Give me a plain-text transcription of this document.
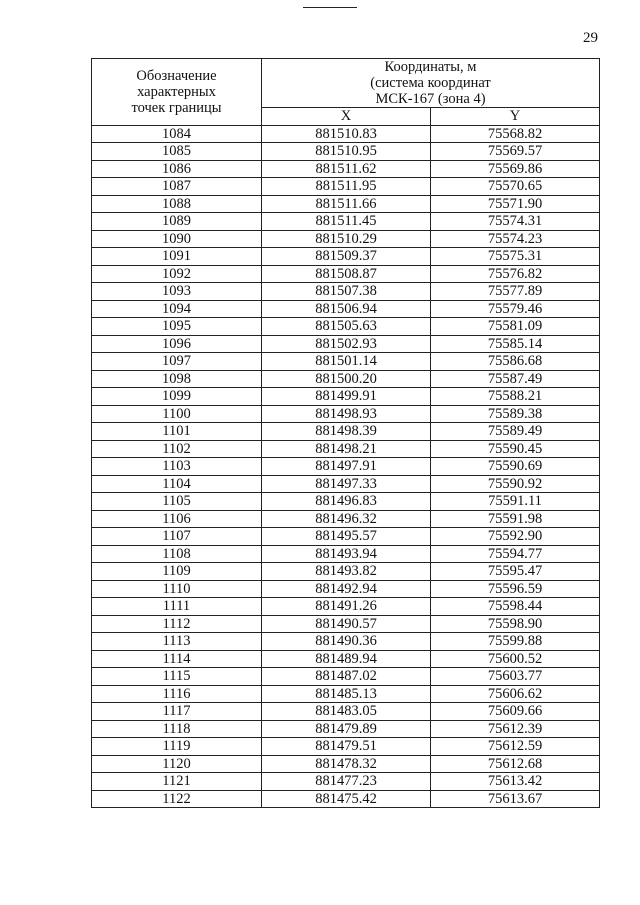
29
Обозначение
характерных
точек границы	Координаты, м
(система координат
МСК-167 (зона 4)	

	X	Y
1084	881510.83	75568.82
1085	881510.95	75569.57
1086	881511.62	75569.86
1087	881511.95	75570.65
1088	881511.66	75571.90
1089	881511.45	75574.31
1090	881510.29	75574.23
1091	881509.37	75575.31
1092	881508.87	75576.82
1093	881507.38	75577.89
1094	881506.94	75579.46
1095	881505.63	75581.09
1096	881502.93	75585.14
1097	881501.14	75586.68
1098	881500.20	75587.49
1099	881499.91	75588.21
1100	881498.93	75589.38
1101	881498.39	75589.49
1102	881498.21	75590.45
1103	881497.91	75590.69
1104	881497.33	75590.92
1105	881496.83	75591.11
1106	881496.32	75591.98
1107	881495.57	75592.90
1108	881493.94	75594.77
1109	881493.82	75595.47
1110	881492.94	75596.59
1111	881491.26	75598.44
1112	881490.57	75598.90
1113	881490.36	75599.88
1114	881489.94	75600.52
1115	881487.02	75603.77
1116	881485.13	75606.62
1117	881483.05	75609.66
1118	881479.89	75612.39
1119	881479.51	75612.59
1120	881478.32	75612.68
1121	881477.23	75613.42
1122	881475.42	75613.67
